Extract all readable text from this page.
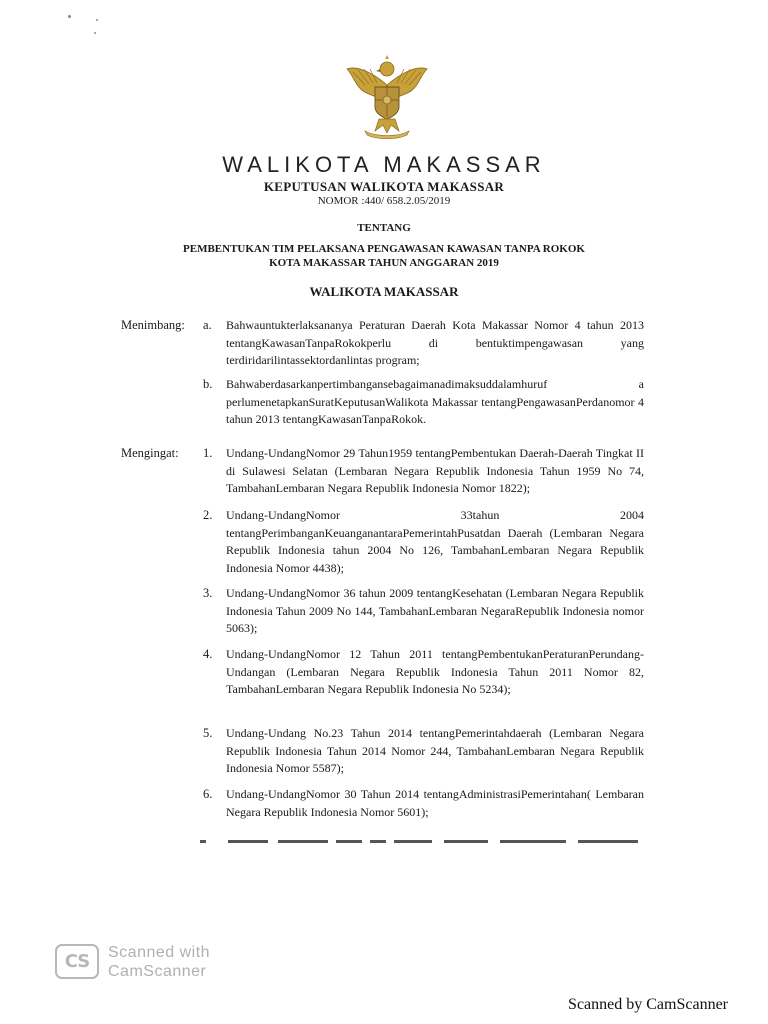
WALIKOTA MAKASSAR
KEPUTUSAN WALIKOTA MAKASSAR
NOMOR :440/ 658.2.05/2019
TENTANG
PEMBENTUKAN TIM PELAKSANA PENGAWASAN KAWASAN TANPA ROKOK
KOTA MAKASSAR TAHUN ANGGARAN 2019
WALIKOTA MAKASSAR
Menimbang: a. Bahwauntukterlaksananya Peraturan Daerah Kota Makassar Nomor 4 tahun 2013 tentangKawasanTanpaRokokperlu di bentuktimpengawasan yang terdiridarilintassektordanlintas program;
b. Bahwaberdasarkanpertimbangansebagaimanadimaksuddalamhuruf a perlumenetapkanSuratKeputusanWalikota Makassar tentangPengawasanPerdanomor 4 tahun 2013 tentangKawasanTanpaRokok.
Mengingat: 1. Undang-UndangNomor 29 Tahun1959 tentangPembentukan Daerah-Daerah Tingkat II di Sulawesi Selatan (Lembaran Negara Republik Indonesia Tahun 1959 No 74, TambahanLembaran Negara Republik Indonesia Nomor 1822);
2. Undang-UndangNomor 33tahun 2004 tentangPerimbanganKeuanganantaraPemerintahPusatdan Daerah (Lembaran Negara Republik Indonesia tahun 2004 No 126, TambahanLembaran Negara Republik Indonesia Nomor 4438);
3. Undang-UndangNomor 36 tahun 2009 tentangKesehatan (Lembaran Negara Republik Indonesia Tahun 2009 No 144, TambahanLembaran NegaraRepublik Indonesia nomor 5063);
4. Undang-UndangNomor 12 Tahun 2011 tentangPembentukanPeraturanPerundang-Undangan (Lembaran Negara Republik Indonesia Tahun 2011 Nomor 82, TambahanLembaran Negara Republik Indonesia No 5234);
5. Undang-Undang No.23 Tahun 2014 tentangPemerintahdaerah (Lembaran Negara Republik Indonesia Tahun 2014 Nomor 244, TambahanLembaran Negara Republik Indonesia Nomor 5587);
6. Undang-UndangNomor 30 Tahun 2014 tentangAdministrasiPemerintahan( Lembaran Negara Republik Indonesia Nomor 5601);
CS	Scanned with
CamScanner
Scanned by CamScanner
